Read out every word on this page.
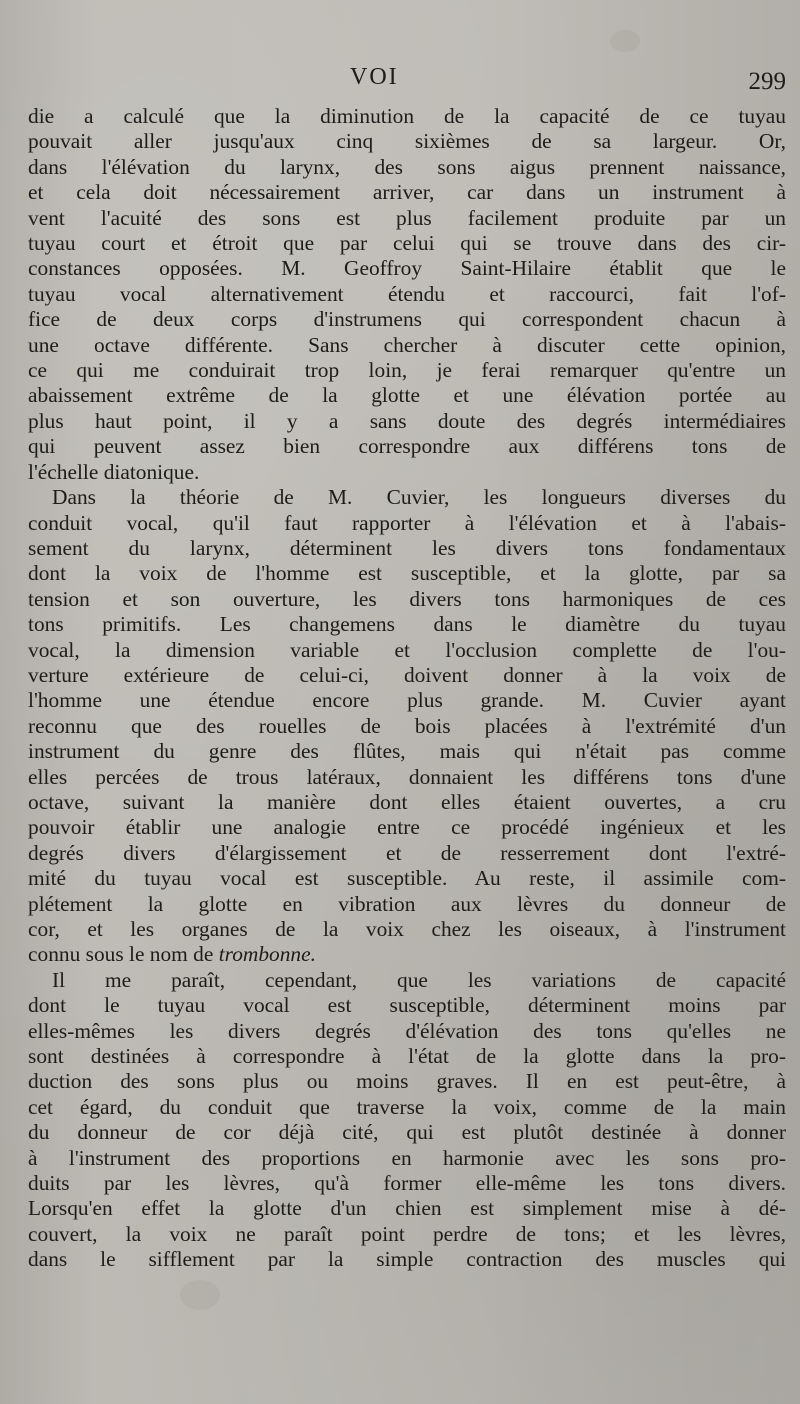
VOI	299
die a calculé que la diminution de la capacité de ce tuyau
pouvait aller jusqu'aux cinq sixièmes de sa largeur. Or,
dans l'élévation du larynx, des sons aigus prennent naissance,
et cela doit nécessairement arriver, car dans un instrument à
vent l'acuité des sons est plus facilement produite par un
tuyau court et étroit que par celui qui se trouve dans des cir-
constances opposées. M. Geoffroy Saint-Hilaire établit que le
tuyau vocal alternativement étendu et raccourci, fait l'of-
fice de deux corps d'instrumens qui correspondent chacun à
une octave différente. Sans chercher à discuter cette opinion,
ce qui me conduirait trop loin, je ferai remarquer qu'entre un
abaissement extrême de la glotte et une élévation portée au
plus haut point, il y a sans doute des degrés intermédiaires
qui peuvent assez bien correspondre aux différens tons de
l'échelle diatonique.
Dans la théorie de M. Cuvier, les longueurs diverses du
conduit vocal, qu'il faut rapporter à l'élévation et à l'abais-
sement du larynx, déterminent les divers tons fondamentaux
dont la voix de l'homme est susceptible, et la glotte, par sa
tension et son ouverture, les divers tons harmoniques de ces
tons primitifs. Les changemens dans le diamètre du tuyau
vocal, la dimension variable et l'occlusion complette de l'ou-
verture extérieure de celui-ci, doivent donner à la voix de
l'homme une étendue encore plus grande. M. Cuvier ayant
reconnu que des rouelles de bois placées à l'extrémité d'un
instrument du genre des flûtes, mais qui n'était pas comme
elles percées de trous latéraux, donnaient les différens tons d'une
octave, suivant la manière dont elles étaient ouvertes, a cru
pouvoir établir une analogie entre ce procédé ingénieux et les
degrés divers d'élargissement et de resserrement dont l'extré-
mité du tuyau vocal est susceptible. Au reste, il assimile com-
plétement la glotte en vibration aux lèvres du donneur de
cor, et les organes de la voix chez les oiseaux, à l'instrument
connu sous le nom de trombonne.
Il me paraît, cependant, que les variations de capacité
dont le tuyau vocal est susceptible, déterminent moins par
elles-mêmes les divers degrés d'élévation des tons qu'elles ne
sont destinées à correspondre à l'état de la glotte dans la pro-
duction des sons plus ou moins graves. Il en est peut-être, à
cet égard, du conduit que traverse la voix, comme de la main
du donneur de cor déjà cité, qui est plutôt destinée à donner
à l'instrument des proportions en harmonie avec les sons pro-
duits par les lèvres, qu'à former elle-même les tons divers.
Lorsqu'en effet la glotte d'un chien est simplement mise à dé-
couvert, la voix ne paraît point perdre de tons; et les lèvres,
dans le sifflement par la simple contraction des muscles qui
